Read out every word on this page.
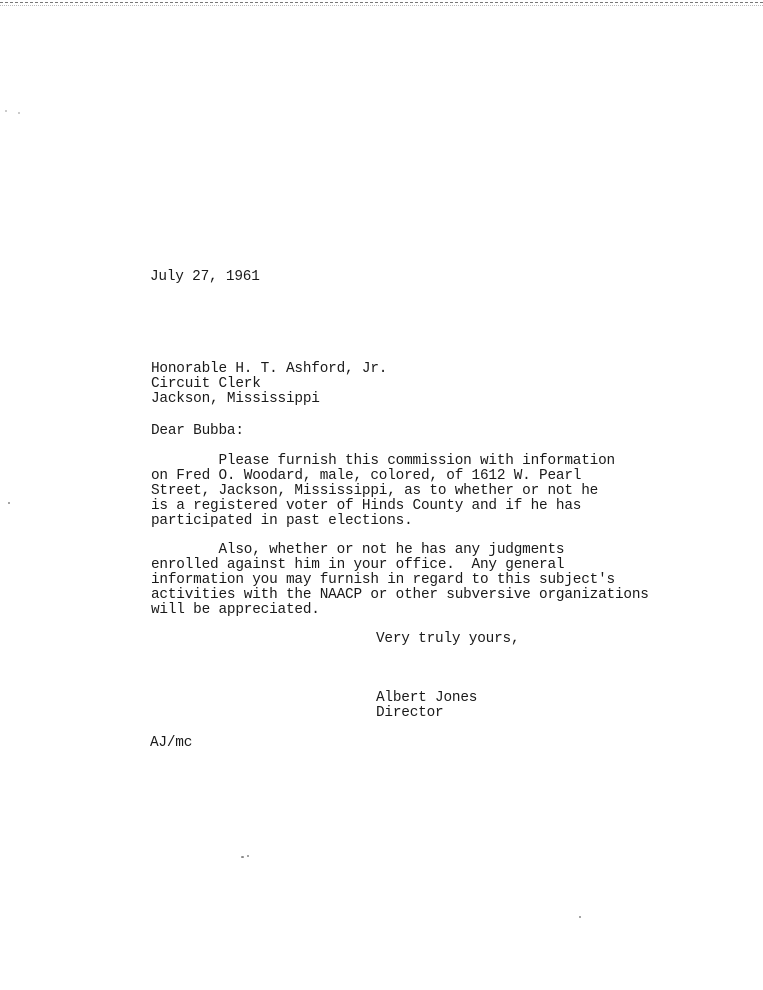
July 27, 1961
Honorable H. T. Ashford, Jr.
Circuit Clerk
Jackson, Mississippi
Dear Bubba:
Please furnish this commission with information
on Fred O. Woodard, male, colored, of 1612 W. Pearl
Street, Jackson, Mississippi, as to whether or not he
is a registered voter of Hinds County and if he has
participated in past elections.
Also, whether or not he has any judgments
enrolled against him in your office.  Any general
information you may furnish in regard to this subject's
activities with the NAACP or other subversive organizations
will be appreciated.
Very truly yours,
Albert Jones
Director
AJ/mc
